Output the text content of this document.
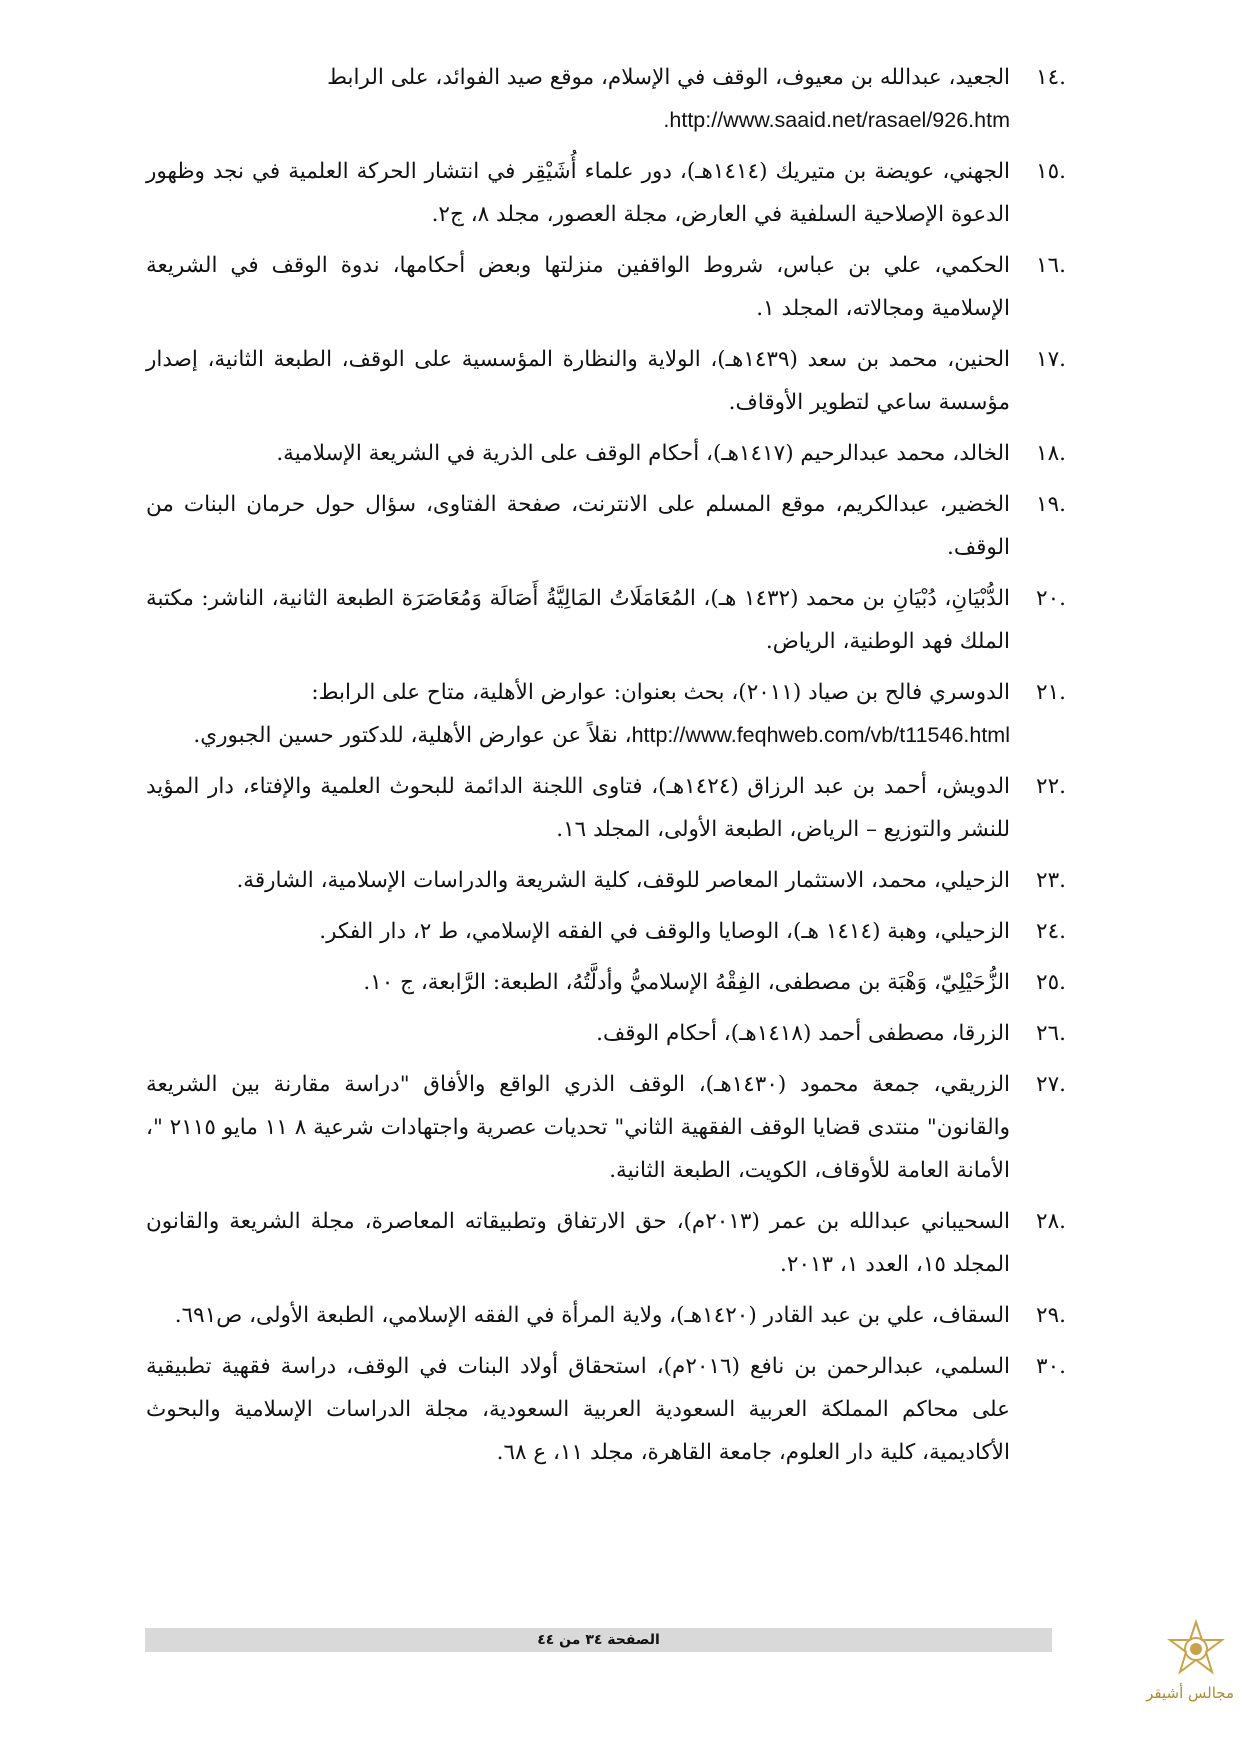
.١٤
الجعيد، عبدالله بن معيوف، الوقف في الإسلام، موقع صيد الفوائد، على الرابط
.http://www.saaid.net/rasael/926.htm
.١٥
الجهني، عويضة بن متيريك (١٤١٤هـ)، دور علماء أُشَيْقِر في انتشار الحركة العلمية في نجد وظهور الدعوة الإصلاحية السلفية في العارض، مجلة العصور، مجلد ٨، ج٢.
.١٦
الحكمي، علي بن عباس، شروط الواقفين منزلتها وبعض أحكامها، ندوة الوقف في الشريعة الإسلامية ومجالاته، المجلد ١.
.١٧
الحنين، محمد بن سعد (١٤٣٩هـ)، الولاية والنظارة المؤسسية على الوقف، الطبعة الثانية، إصدار مؤسسة ساعي لتطوير الأوقاف.
.١٨
الخالد، محمد عبدالرحيم (١٤١٧هـ)، أحكام الوقف على الذرية في الشريعة الإسلامية.
.١٩
الخضير، عبدالكريم، موقع المسلم على الانترنت، صفحة الفتاوى، سؤال حول حرمان البنات من الوقف.
.٢٠
الدُّبْيَانِ، دُبْيَانِ بن محمد (١٤٣٢ هـ)، المُعَامَلَاتُ المَالِيَّةُ أَصَالَة وَمُعَاصَرَة الطبعة الثانية، الناشر: مكتبة الملك فهد الوطنية، الرياض.
.٢١
الدوسري فالح بن صياد (٢٠١١)، بحث بعنوان: عوارض الأهلية، متاح على الرابط:
http://www.feqhweb.com/vb/t11546.html، نقلاً عن عوارض الأهلية، للدكتور حسين الجبوري.
.٢٢
الدويش، أحمد بن عبد الرزاق (١٤٢٤هـ)، فتاوى اللجنة الدائمة للبحوث العلمية والإفتاء، دار المؤيد للنشر والتوزيع – الرياض، الطبعة الأولى، المجلد ١٦.
.٢٣
الزحيلي، محمد، الاستثمار المعاصر للوقف، كلية الشريعة والدراسات الإسلامية، الشارقة.
.٢٤
الزحيلي، وهبة (١٤١٤ هـ)، الوصايا والوقف في الفقه الإسلامي، ط ٢، دار الفكر.
.٢٥
الزُّحَيْلِيّ، وَهْبَة بن مصطفى، الفِقْهُ الإسلاميُّ وأدلَّتُهُ، الطبعة: الرَّابعة، ج ١٠.
.٢٦
الزرقا، مصطفى أحمد (١٤١٨هـ)، أحكام الوقف.
.٢٧
الزريقي، جمعة محمود (١٤٣٠هـ)، الوقف الذري الواقع والأفاق "دراسة مقارنة بين الشريعة والقانون" منتدى قضايا الوقف الفقهية الثاني" تحديات عصرية واجتهادات شرعية ٨ ١١ مايو ٢١١٥ "، الأمانة العامة للأوقاف، الكويت، الطبعة الثانية.
.٢٨
السحيباني عبدالله بن عمر (٢٠١٣م)، حق الارتفاق وتطبيقاته المعاصرة، مجلة الشريعة والقانون المجلد ١٥، العدد ١، ٢٠١٣.
.٢٩
السقاف، علي بن عبد القادر (١٤٢٠هـ)، ولاية المرأة في الفقه الإسلامي، الطبعة الأولى، ص٦٩١.
.٣٠
السلمي، عبدالرحمن بن نافع (٢٠١٦م)، استحقاق أولاد البنات في الوقف، دراسة فقهية تطبيقية على محاكم المملكة العربية السعودية العربية السعودية، مجلة الدراسات الإسلامية والبحوث الأكاديمية، كلية دار العلوم، جامعة القاهرة، مجلد ١١، ع ٦٨.
الصفحة ٣٤ من ٤٤
مجالس أشيقر
